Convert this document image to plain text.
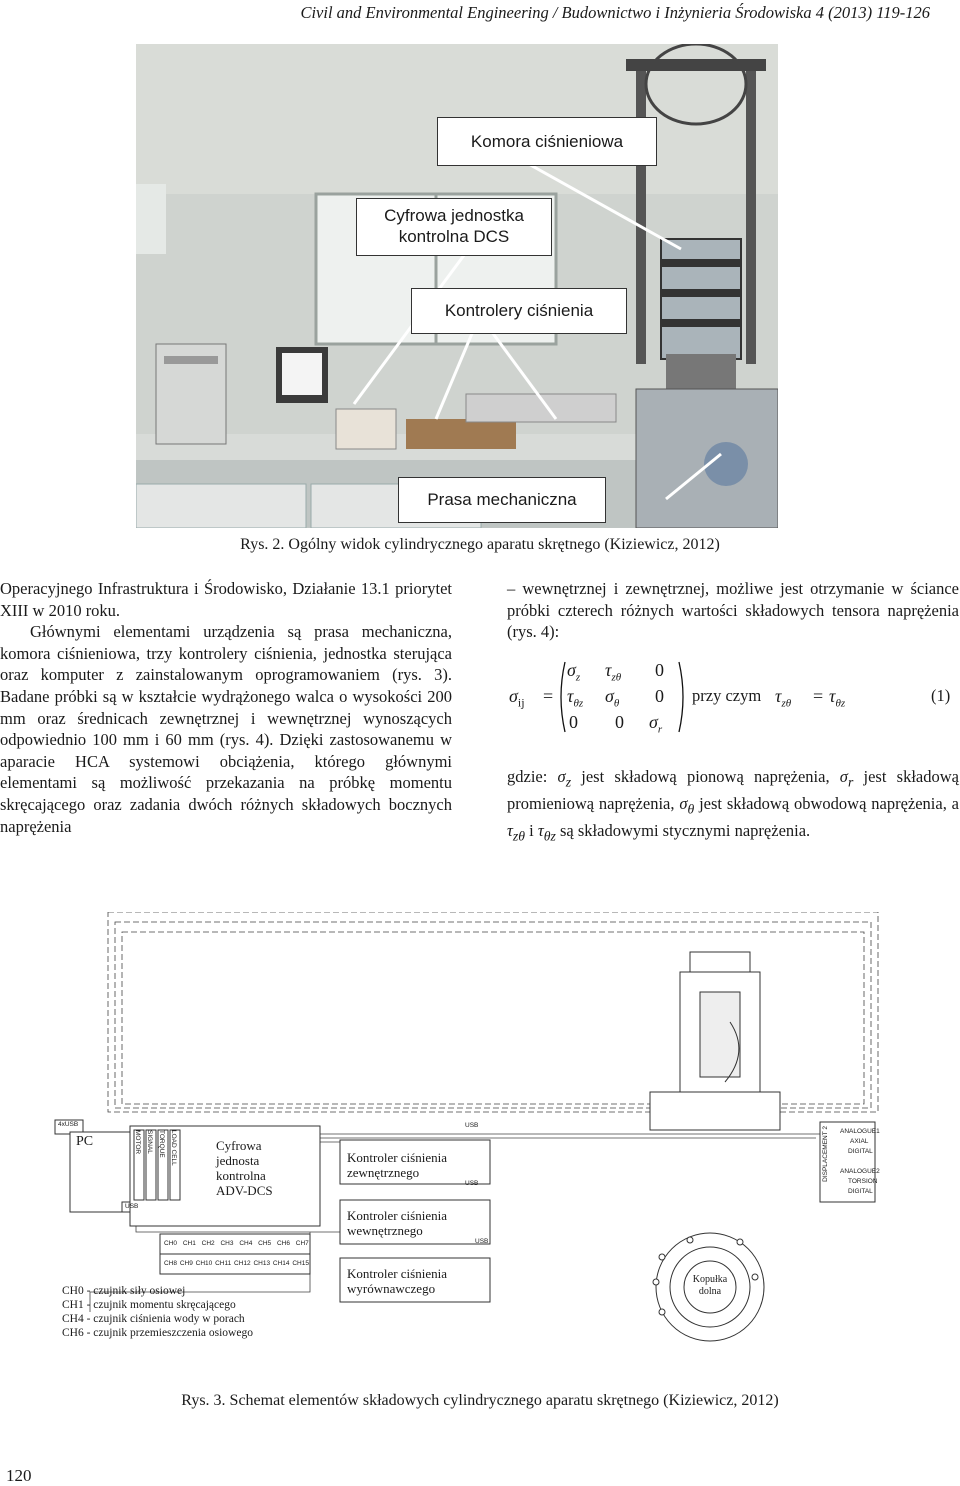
Civil and Environmental Engineering / Budownictwo i Inżynieria Środowiska 4 (2013) 119-126
Komora ciśnieniowa
Cyfrowa jednostka
kontrolna DCS
Kontrolery ciśnienia
Prasa mechaniczna
Rys. 2. Ogólny widok cylindrycznego aparatu skrętnego (Kiziewicz, 2012)

Operacyjnego Infrastruktura i Środowisko, Działanie 13.1 priorytet XIII w 2010 roku.

Głównymi elementami urządzenia są prasa mechaniczna, komora ciśnieniowa, trzy kontrolery ciśnienia, jednostka sterująca oraz komputer z zainstalowanym oprogramowaniem (rys. 3). Badane próbki są w kształcie wydrążonego walca o wysokości 200 mm oraz średnicach zewnętrznej i wewnętrznej wynoszących odpowiednio 100 mm i 60 mm (rys. 4). Dzięki zastosowanemu w aparacie HCA systemowi obciążenia, którego głównymi elementami są możliwość przekazania na próbkę momentu skręcającego oraz zadania dwóch różnych składowych bocznych naprężenia

– wewnętrznej i zewnętrznej, możliwe jest otrzymanie w ściance próbki czterech różnych wartości składowych tensora naprężenia (rys. 4):
$\sigma_{ij}$ =
$\sigma_z$ $\tau_{z\theta}$ 0
$\tau_{\theta z}$ $\sigma_\theta$ 0
0 0 $\sigma_r$
przy czym $\tau_{z\theta} = \tau_{\theta z}$	(1)
gdzie: $\sigma_z$ jest składową pionową naprężenia, $\sigma_r$ jest składową promieniową naprężenia, $\sigma_\theta$ jest składową obwodową naprężenia, a $\tau_{z\theta}$ i $\tau_{\theta z}$ są składowymi stycznymi naprężenia.
4xUSB
PC
USB
MOTOR SIGNAL TORQUE LOAD CELL	Cyfrowa
jednosta
kontrolna
ADV-DCS
Kontroler ciśnienia
zewnętrznego
USB
USB
Kontroler ciśnienia
wewnętrznego
USB
Kontroler ciśnienia
wyrównawczego
CH0 CH1 CH2 CH3 CH4 CH5 CH6 CH7
CH8 CH9 CH10 CH11 CH12 CH13 CH14 CH15
DISPLACEMENT 2 ANALOGUE1
AXIAL
DIGITAL
ANALOGUE2
TORSION
DIGITAL
Kopułka
dolna
CH0 - czujnik siły osiowej
CH1 - czujnik momentu skręcającego
CH4 - czujnik ciśnienia wody w porach
CH6 - czujnik przemieszczenia osiowego
Rys. 3. Schemat elementów składowych cylindrycznego aparatu skrętnego (Kiziewicz, 2012)
120
